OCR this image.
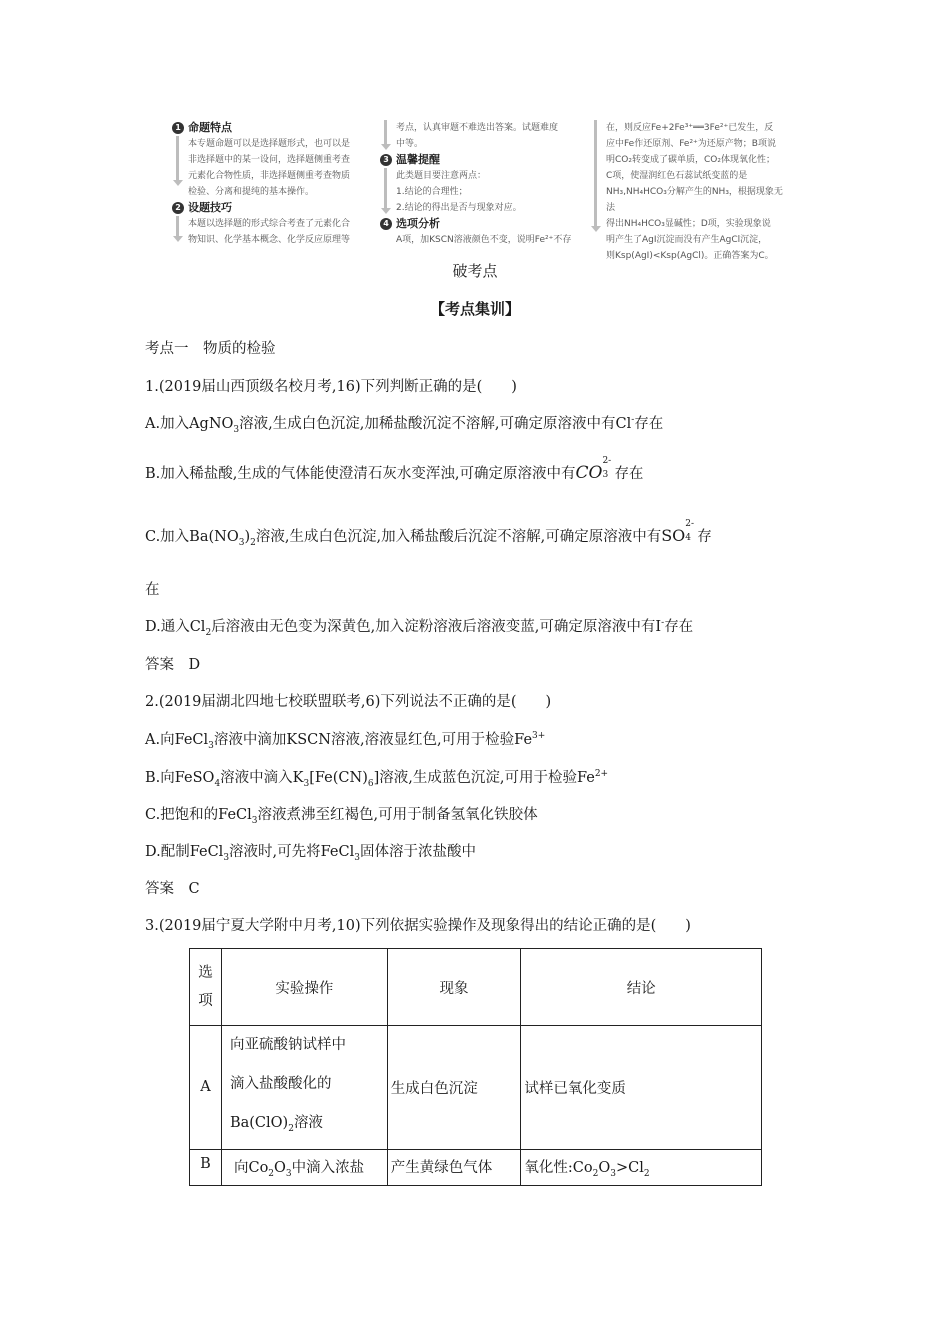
1 命题特点
本专题命题可以是选择题形式，也可以是
非选择题中的某一设问，选择题侧重考查
元素化合物性质，非选择题侧重考查物质
检验、分离和提纯的基本操作。
2 设题技巧
本题以选择题的形式综合考查了元素化合
物知识、化学基本概念、化学反应原理等
考点，认真审题不难选出答案。试题难度
中等。
3 温馨提醒
此类题目要注意两点：
1.结论的合理性；
2.结论的得出是否与现象对应。
4 选项分析
A项，加KSCN溶液颜色不变，说明Fe²⁺不存
在，则反应Fe+2Fe³⁺══3Fe²⁺已发生，反
应中Fe作还原剂、Fe²⁺为还原产物；B项说
明CO₂转变成了碳单质，CO₂体现氧化性；
C项，使湿润红色石蕊试纸变蓝的是
NH₃,NH₄HCO₃分解产生的NH₃，根据现象无法
得出NH₄HCO₃显碱性；D项，实验现象说
明产生了AgI沉淀而没有产生AgCl沉淀，
则Ksp(AgI)<Ksp(AgCl)。正确答案为C。
破考点
【考点集训】
考点一　物质的检验
1.(2019届山西顶级名校月考,16)下列判断正确的是(　　)
A.加入AgNO$_3$溶液,生成白色沉淀,加稀盐酸沉淀不溶解,可确定原溶液中有Cl-存在
B.加入稀盐酸,生成的气体能使澄清石灰水变浑浊,可确定原溶液中有CO
2-
3 存在
C.加入$Ba(NO_3)_2$溶液,生成白色沉淀,加入稀盐酸后沉淀不溶解,可确定原溶液中有SO
2-
4 存
在
D.通入$Cl_2$后溶液由无色变为深黄色,加入淀粉溶液后溶液变蓝,可确定原溶液中有I-存在
答案　D
2.(2019届湖北四地七校联盟联考,6)下列说法不正确的是(　　)
A.向FeCl$_3$溶液中滴加KSCN溶液,溶液显红色,可用于检验$Fe^{3+}$
B.向FeSO$_4$溶液中滴入$K_3[Fe(CN)_6]$溶液,生成蓝色沉淀,可用于检验$Fe^{2+}$
C.把饱和的FeCl$_3$溶液煮沸至红褐色,可用于制备氢氧化铁胶体
D.配制FeCl$_3$溶液时,可先将FeCl$_3$固体溶于浓盐酸中
答案　C
3.(2019届宁夏大学附中月考,10)下列依据实验操作及现象得出的结论正确的是(　　)
选
项	实验操作	现象	结论
A	向亚硫酸钠试样中
滴入盐酸酸化的
$Ba(ClO)_2$溶液	生成白色沉淀	试样已氧化变质
B	向$Co_2O_3$中滴入浓盐	产生黄绿色气体	氧化性$:Co_2O_3>Cl_2$
